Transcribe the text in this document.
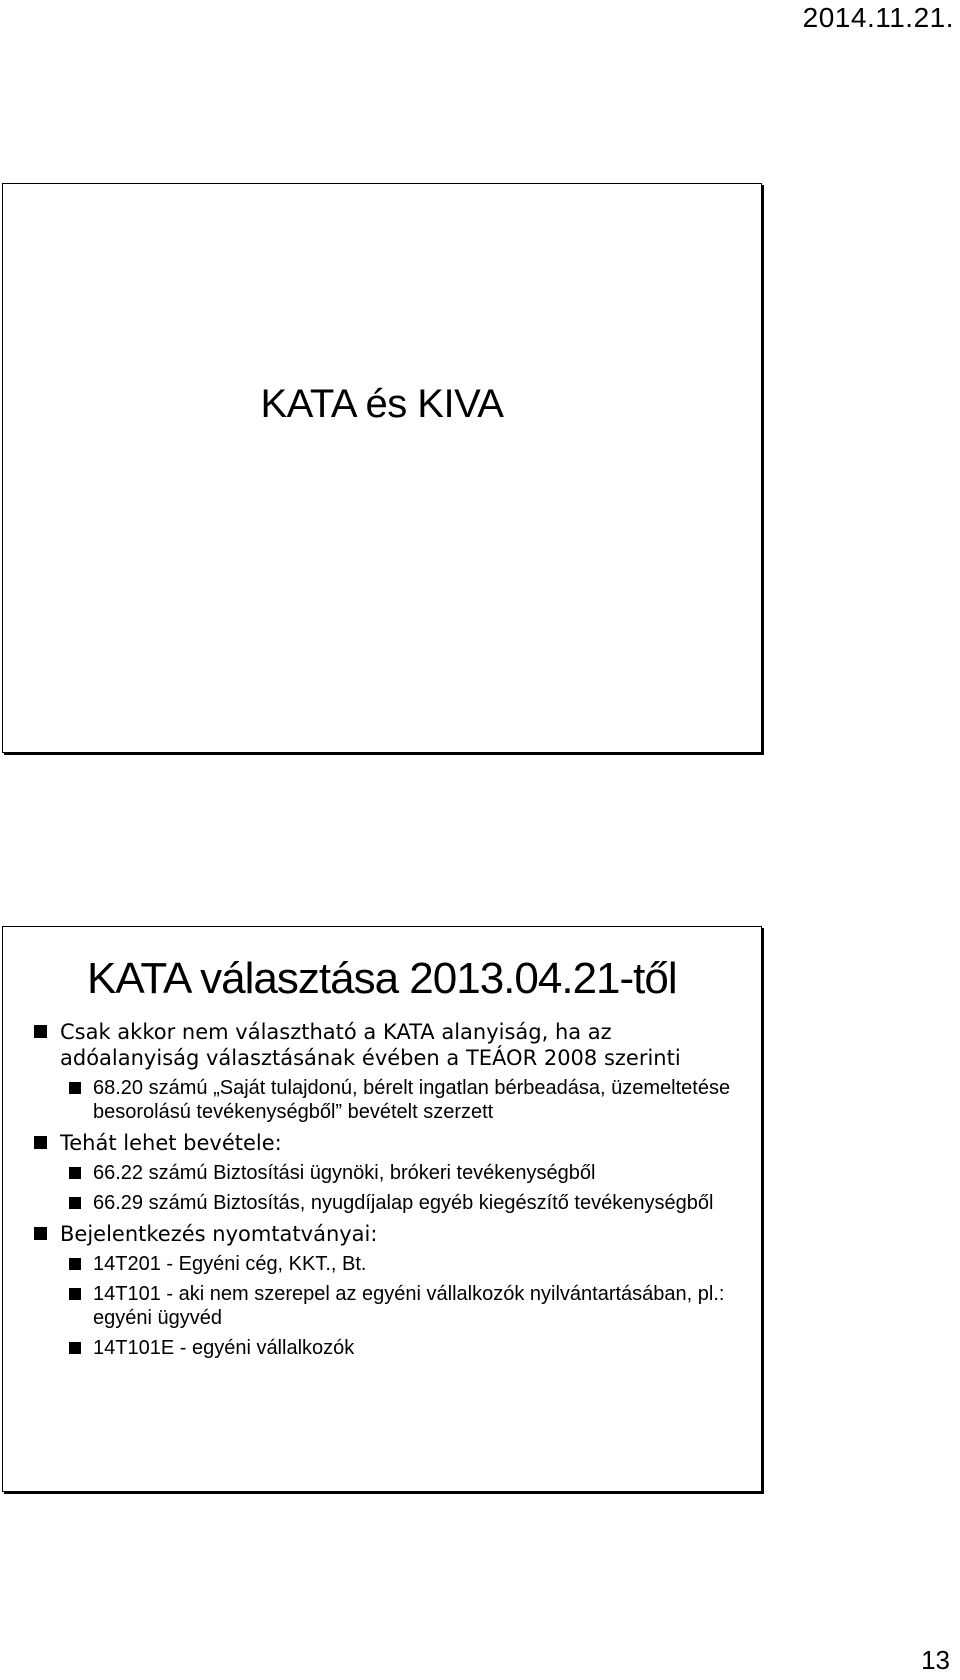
2014.11.21.
KATA és KIVA
KATA választása 2013.04.21-től
Csak akkor nem választható a KATA alanyiság, ha az adóalanyiság választásának évében a TEÁOR 2008 szerinti
68.20 számú „Saját tulajdonú, bérelt ingatlan bérbeadása, üzemeltetése besorolású tevékenységből” bevételt szerzett
Tehát lehet bevétele:
66.22 számú Biztosítási ügynöki, brókeri tevékenységből
66.29 számú Biztosítás, nyugdíjalap egyéb kiegészítő tevékenységből
Bejelentkezés nyomtatványai:
14T201 - Egyéni cég, KKT., Bt.
14T101 - aki nem szerepel az egyéni vállalkozók nyilvántartásában, pl.: egyéni ügyvéd
14T101E - egyéni vállalkozók
13
